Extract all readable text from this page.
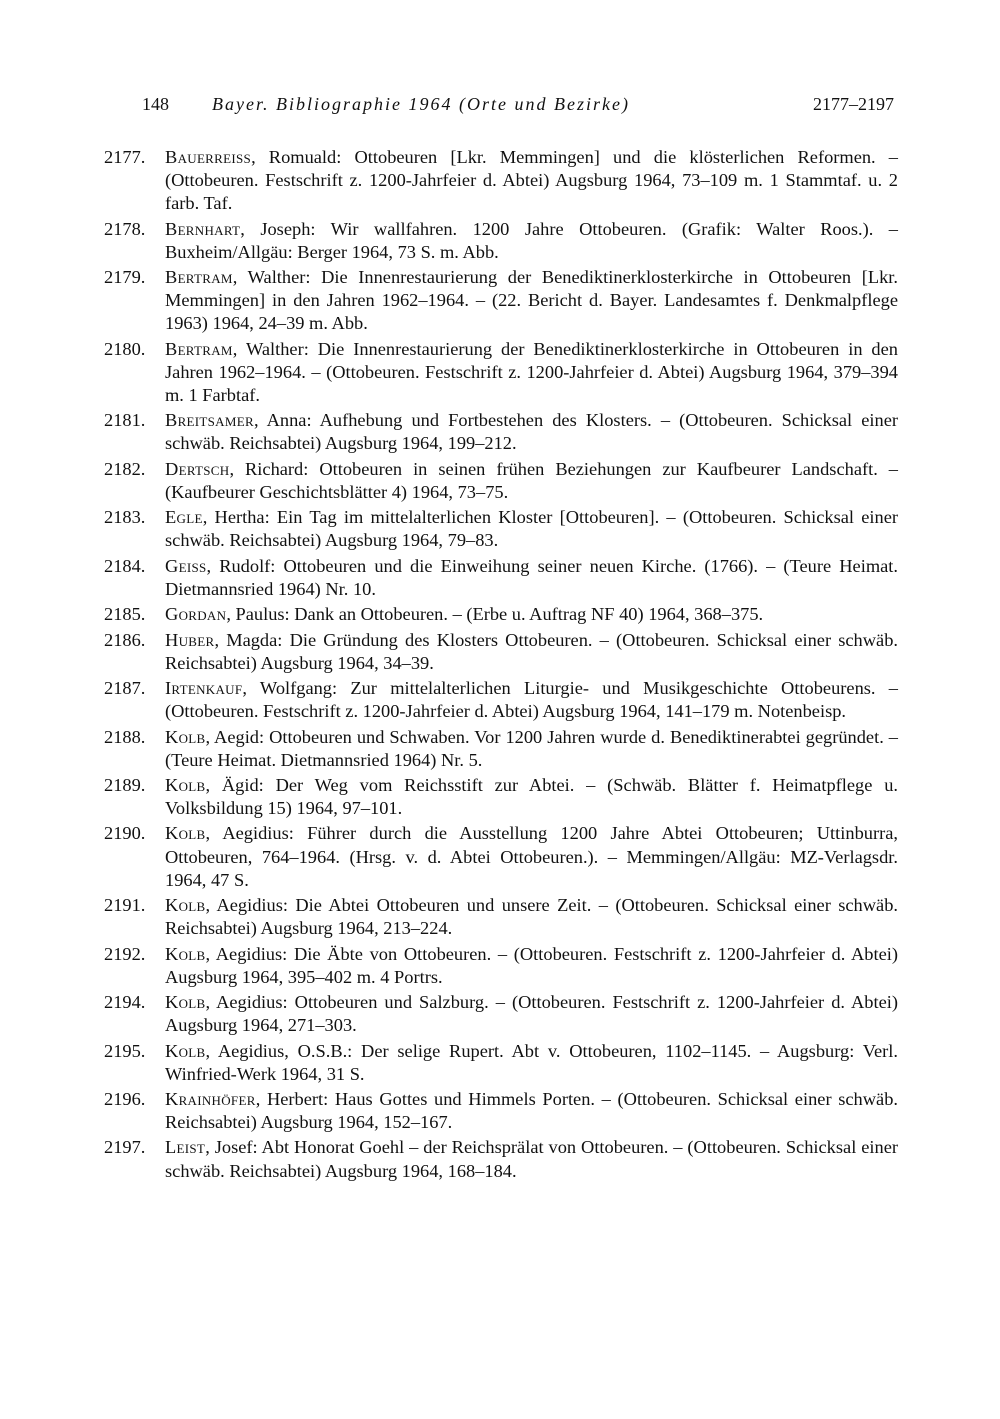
148	Bayer. Bibliographie 1964 (Orte und Bezirke)	2177–2197
2177.	Bauerreiss, Romuald: Ottobeuren [Lkr. Memmingen] und die klösterlichen Reformen. – (Ottobeuren. Festschrift z. 1200-Jahrfeier d. Abtei) Augsburg 1964, 73–109 m. 1 Stammtaf. u. 2 farb. Taf.
2178.	Bernhart, Joseph: Wir wallfahren. 1200 Jahre Ottobeuren. (Grafik: Walter Roos.). – Buxheim/Allgäu: Berger 1964, 73 S. m. Abb.
2179.	Bertram, Walther: Die Innenrestaurierung der Benediktinerklosterkirche in Ottobeuren [Lkr. Memmingen] in den Jahren 1962–1964. – (22. Bericht d. Bayer. Landesamtes f. Denkmalpflege 1963) 1964, 24–39 m. Abb.
2180.	Bertram, Walther: Die Innenrestaurierung der Benediktinerklosterkirche in Ottobeuren in den Jahren 1962–1964. – (Ottobeuren. Festschrift z. 1200-Jahrfeier d. Abtei) Augsburg 1964, 379–394 m. 1 Farbtaf.
2181.	Breitsamer, Anna: Aufhebung und Fortbestehen des Klosters. – (Ottobeuren. Schicksal einer schwäb. Reichsabtei) Augsburg 1964, 199–212.
2182.	Dertsch, Richard: Ottobeuren in seinen frühen Beziehungen zur Kaufbeurer Landschaft. – (Kaufbeurer Geschichtsblätter 4) 1964, 73–75.
2183.	Egle, Hertha: Ein Tag im mittelalterlichen Kloster [Ottobeuren]. – (Ottobeuren. Schicksal einer schwäb. Reichsabtei) Augsburg 1964, 79–83.
2184.	Geiss, Rudolf: Ottobeuren und die Einweihung seiner neuen Kirche. (1766). – (Teure Heimat. Dietmannsried 1964) Nr. 10.
2185.	Gordan, Paulus: Dank an Ottobeuren. – (Erbe u. Auftrag NF 40) 1964, 368–375.
2186.	Huber, Magda: Die Gründung des Klosters Ottobeuren. – (Ottobeuren. Schicksal einer schwäb. Reichsabtei) Augsburg 1964, 34–39.
2187.	Irtenkauf, Wolfgang: Zur mittelalterlichen Liturgie- und Musikgeschichte Ottobeurens. – (Ottobeuren. Festschrift z. 1200-Jahrfeier d. Abtei) Augsburg 1964, 141–179 m. Notenbeisp.
2188.	Kolb, Aegid: Ottobeuren und Schwaben. Vor 1200 Jahren wurde d. Benediktinerabtei gegründet. – (Teure Heimat. Dietmannsried 1964) Nr. 5.
2189.	Kolb, Ägid: Der Weg vom Reichsstift zur Abtei. – (Schwäb. Blätter f. Heimatpflege u. Volksbildung 15) 1964, 97–101.
2190.	Kolb, Aegidius: Führer durch die Ausstellung 1200 Jahre Abtei Ottobeuren; Uttinburra, Ottobeuren, 764–1964. (Hrsg. v. d. Abtei Ottobeuren.). – Memmingen/Allgäu: MZ-Verlagsdr. 1964, 47 S.
2191.	Kolb, Aegidius: Die Abtei Ottobeuren und unsere Zeit. – (Ottobeuren. Schicksal einer schwäb. Reichsabtei) Augsburg 1964, 213–224.
2192.	Kolb, Aegidius: Die Äbte von Ottobeuren. – (Ottobeuren. Festschrift z. 1200-Jahrfeier d. Abtei) Augsburg 1964, 395–402 m. 4 Portrs.
2194.	Kolb, Aegidius: Ottobeuren und Salzburg. – (Ottobeuren. Festschrift z. 1200-Jahrfeier d. Abtei) Augsburg 1964, 271–303.
2195.	Kolb, Aegidius, O.S.B.: Der selige Rupert. Abt v. Ottobeuren, 1102–1145. – Augsburg: Verl. Winfried-Werk 1964, 31 S.
2196.	Krainhöfer, Herbert: Haus Gottes und Himmels Porten. – (Ottobeuren. Schicksal einer schwäb. Reichsabtei) Augsburg 1964, 152–167.
2197.	Leist, Josef: Abt Honorat Goehl – der Reichsprälat von Ottobeuren. – (Ottobeuren. Schicksal einer schwäb. Reichsabtei) Augsburg 1964, 168–184.
